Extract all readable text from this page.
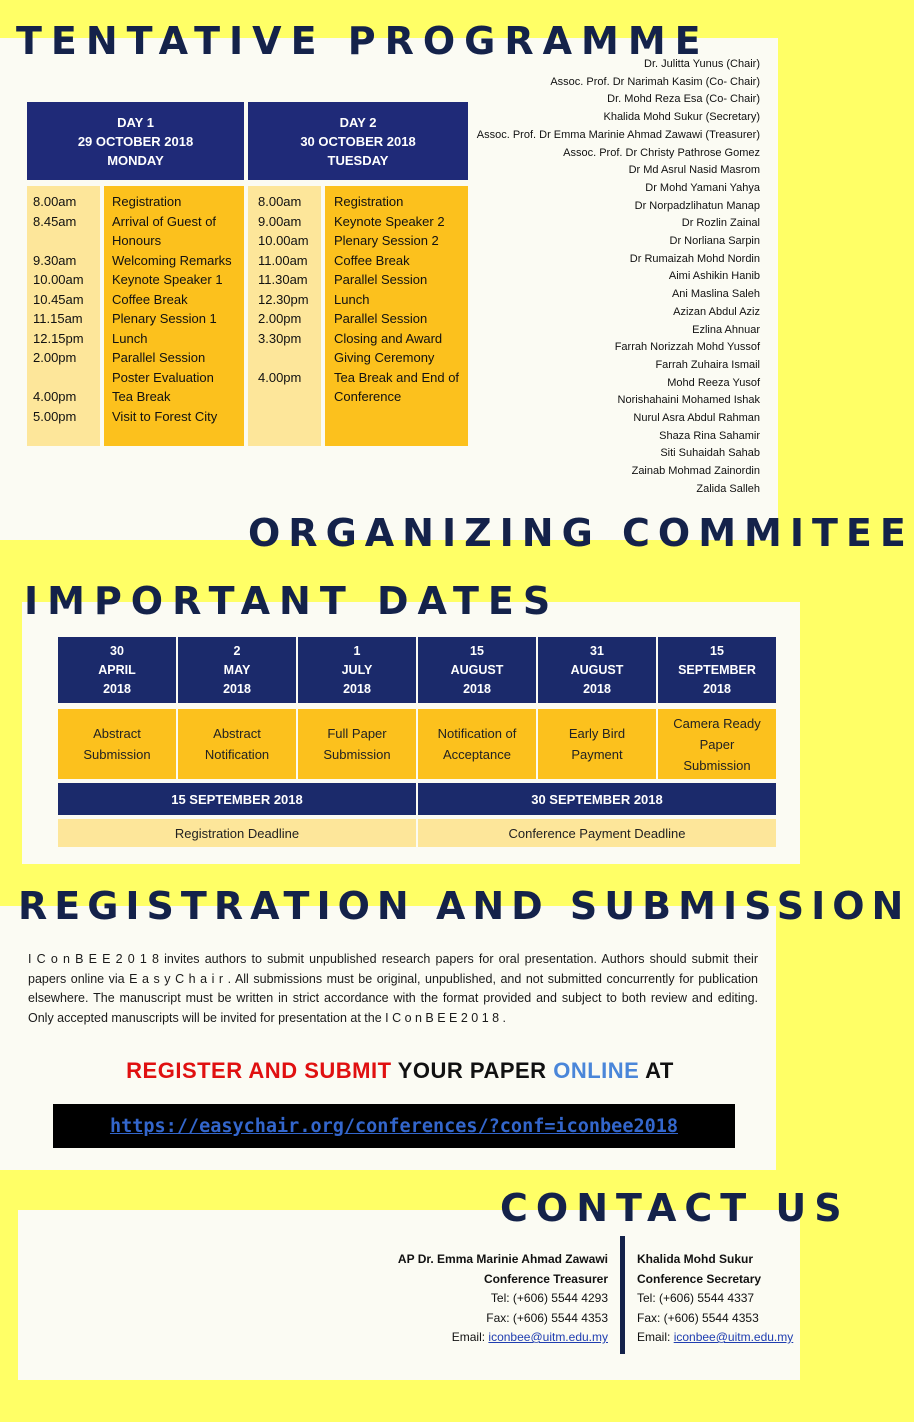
TENTATIVE PROGRAMME
ORGANIZING COMMITEE
IMPORTANT DATES
REGISTRATION AND SUBMISSION
CONTACT US
DAY 1
29 OCTOBER 2018
MONDAY
DAY 2
30 OCTOBER 2018
TUESDAY
8.00am
8.45am
9.30am
10.00am
10.45am
11.15am
12.15pm
2.00pm
4.00pm
5.00pm
Registration
Arrival of Guest of
Honours
Welcoming Remarks
Keynote Speaker 1
Coffee Break
Plenary Session 1
Lunch
Parallel Session
Poster Evaluation
Tea Break
Visit to Forest City
8.00am
9.00am
10.00am
11.00am
11.30am
12.30pm
2.00pm
3.30pm
4.00pm
Registration
Keynote Speaker 2
Plenary Session 2
Coffee Break
Parallel Session
Lunch
Parallel Session
Closing and Award
Giving Ceremony
Tea Break and End of
Conference
Dr. Julitta Yunus (Chair)
Assoc. Prof. Dr Narimah Kasim (Co- Chair)
Dr. Mohd Reza Esa (Co- Chair)
Khalida Mohd Sukur (Secretary)
Assoc. Prof. Dr Emma Marinie Ahmad Zawawi (Treasurer)
Assoc. Prof. Dr Christy Pathrose Gomez
Dr Md Asrul Nasid Masrom
Dr Mohd Yamani Yahya
Dr Norpadzlihatun Manap
Dr Rozlin Zainal
Dr Norliana Sarpin
Dr Rumaizah Mohd Nordin
Aimi Ashikin Hanib
Ani Maslina Saleh
Azizan Abdul Aziz
Ezlina Ahnuar
Farrah Norizzah Mohd Yussof
Farrah Zuhaira Ismail
Mohd Reeza Yusof
Norishahaini Mohamed Ishak
Nurul Asra Abdul Rahman
Shaza Rina Sahamir
Siti Suhaidah Sahab
Zainab Mohmad Zainordin
Zalida Salleh
30
APRIL
2018
2
MAY
2018
1
JULY
2018
15
AUGUST
2018
31
AUGUST
2018
15
SEPTEMBER
2018
Abstract
Submission
Abstract
Notification
Full Paper
Submission
Notification of
Acceptance
Early Bird
Payment
Camera Ready
Paper
Submission
15 SEPTEMBER 2018	30 SEPTEMBER 2018
Registration Deadline	Conference Payment Deadline
I C o n B E E 2 0 1 8 invites authors to submit unpublished research papers for oral presentation. Authors should submit their papers online via E a s y C h a i r . All submissions must be original, unpublished, and not submitted concurrently for publication elsewhere. The manuscript must be written in strict accordance with the format provided and subject to both review and editing. Only accepted manuscripts will be invited for presentation at the I C o n B E E 2 0 1 8 .
REGISTER AND SUBMIT YOUR PAPER ONLINE AT
https://easychair.org/conferences/?conf=iconbee2018
AP Dr. Emma Marinie Ahmad Zawawi
Conference Treasurer
Tel: (+606) 5544 4293
Fax: (+606) 5544 4353
Email: iconbee@uitm.edu.my
Khalida Mohd Sukur
Conference Secretary
Tel: (+606) 5544 4337
Fax: (+606) 5544 4353
Email: iconbee@uitm.edu.my
